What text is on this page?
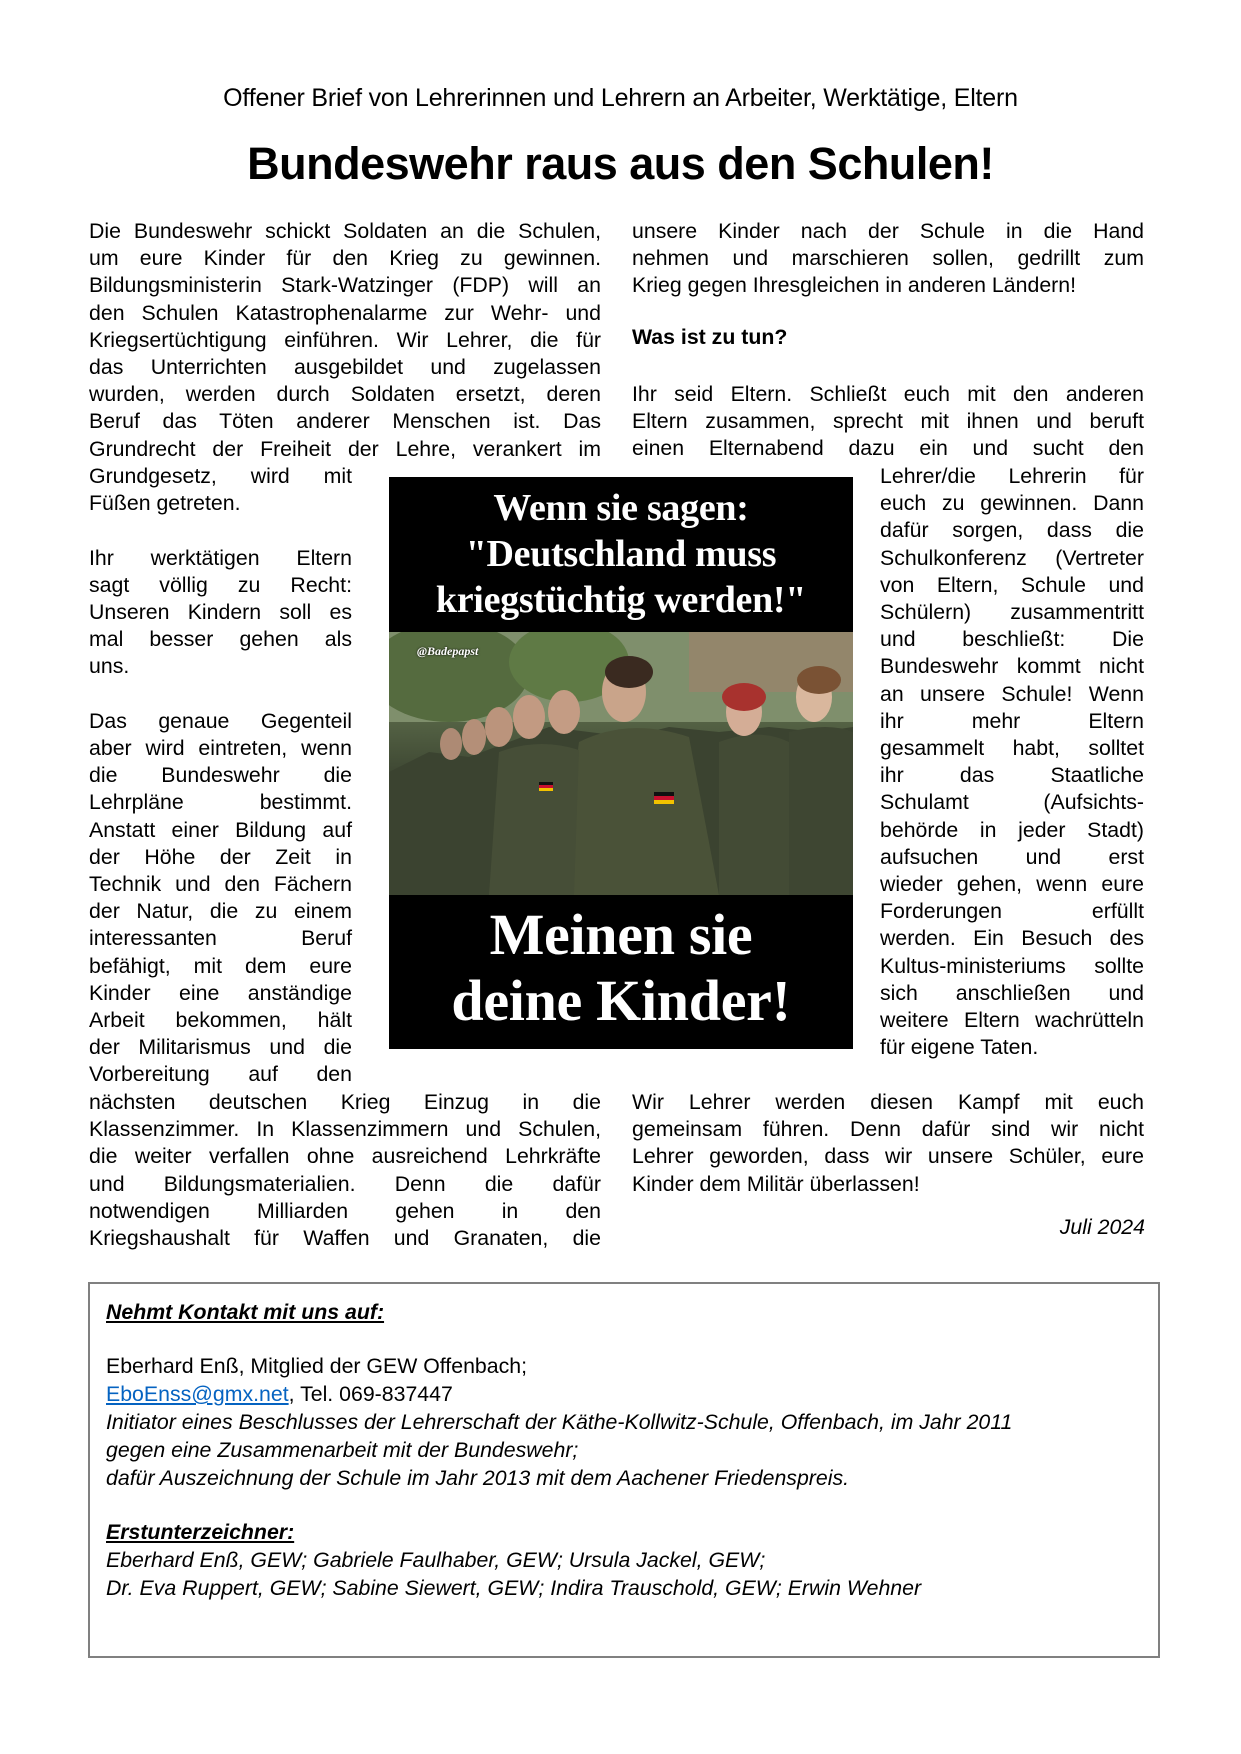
Offener Brief von Lehrerinnen und Lehrern an Arbeiter, Werktätige, Eltern
Bundeswehr raus aus den Schulen!
Die Bundeswehr schickt Soldaten an die Schulen,
um eure Kinder für den Krieg zu gewinnen.
Bildungsministerin Stark-Watzinger (FDP) will an
den Schulen Katastrophenalarme zur Wehr- und
Kriegsertüchtigung einführen. Wir Lehrer, die für
das Unterrichten ausgebildet und zugelassen
wurden, werden durch Soldaten ersetzt, deren
Beruf das Töten anderer Menschen ist. Das
Grundrecht der Freiheit der Lehre, verankert im
Grundgesetz, wird mit
Füßen getreten.
Ihr werktätigen Eltern
sagt völlig zu Recht:
Unseren Kindern soll es
mal besser gehen als
uns.
Das genaue Gegenteil
aber wird eintreten, wenn
die Bundeswehr die
Lehrpläne bestimmt.
Anstatt einer Bildung auf
der Höhe der Zeit in
Technik und den Fächern
der Natur, die zu einem
interessanten Beruf
befähigt, mit dem eure
Kinder eine anständige
Arbeit bekommen, hält
der Militarismus und die
Vorbereitung auf den
nächsten deutschen Krieg Einzug in die
Klassenzimmer. In Klassenzimmern und Schulen,
die weiter verfallen ohne ausreichend Lehrkräfte
und Bildungsmaterialien. Denn die dafür
notwendigen Milliarden gehen in den
Kriegshaushalt für Waffen und Granaten, die
unsere Kinder nach der Schule in die Hand
nehmen und marschieren sollen, gedrillt zum
Krieg gegen Ihresgleichen in anderen Ländern!
Ihr seid Eltern. Schließt euch mit den anderen
Eltern zusammen, sprecht mit ihnen und beruft
einen Elternabend dazu ein und sucht den
Lehrer/die Lehrerin für
euch zu gewinnen. Dann
dafür sorgen, dass die
Schulkonferenz (Vertreter
von Eltern, Schule und
Schülern) zusammentritt
und beschließt: Die
Bundeswehr kommt nicht
an unsere Schule! Wenn
ihr mehr Eltern
gesammelt habt, solltet
ihr das Staatliche
Schulamt (Aufsichts-
behörde in jeder Stadt)
aufsuchen und erst
wieder gehen, wenn eure
Forderungen erfüllt
werden. Ein Besuch des
Kultus-ministeriums sollte
sich anschließen und
weitere Eltern wachrütteln
für eigene Taten.
Wir Lehrer werden diesen Kampf mit euch
gemeinsam führen. Denn dafür sind wir nicht
Lehrer geworden, dass wir unsere Schüler, eure
Kinder dem Militär überlassen!
Was ist zu tun?
Wenn sie sagen:
"Deutschland muss
kriegstüchtig werden!"
@Badepapst
Meinen sie
deine Kinder!
Juli 2024
Nehmt Kontakt mit uns auf:
Eberhard Enß, Mitglied der GEW Offenbach;
EboEnss@gmx.net, Tel. 069-837447
Initiator eines Beschlusses der Lehrerschaft der Käthe-Kollwitz-Schule, Offenbach, im Jahr 2011
gegen eine Zusammenarbeit mit der Bundeswehr;
dafür Auszeichnung der Schule im Jahr 2013 mit dem Aachener Friedenspreis.
Erstunterzeichner:
Eberhard Enß, GEW; Gabriele Faulhaber, GEW; Ursula Jackel, GEW;
Dr. Eva Ruppert, GEW; Sabine Siewert, GEW; Indira Trauschold, GEW; Erwin Wehner
